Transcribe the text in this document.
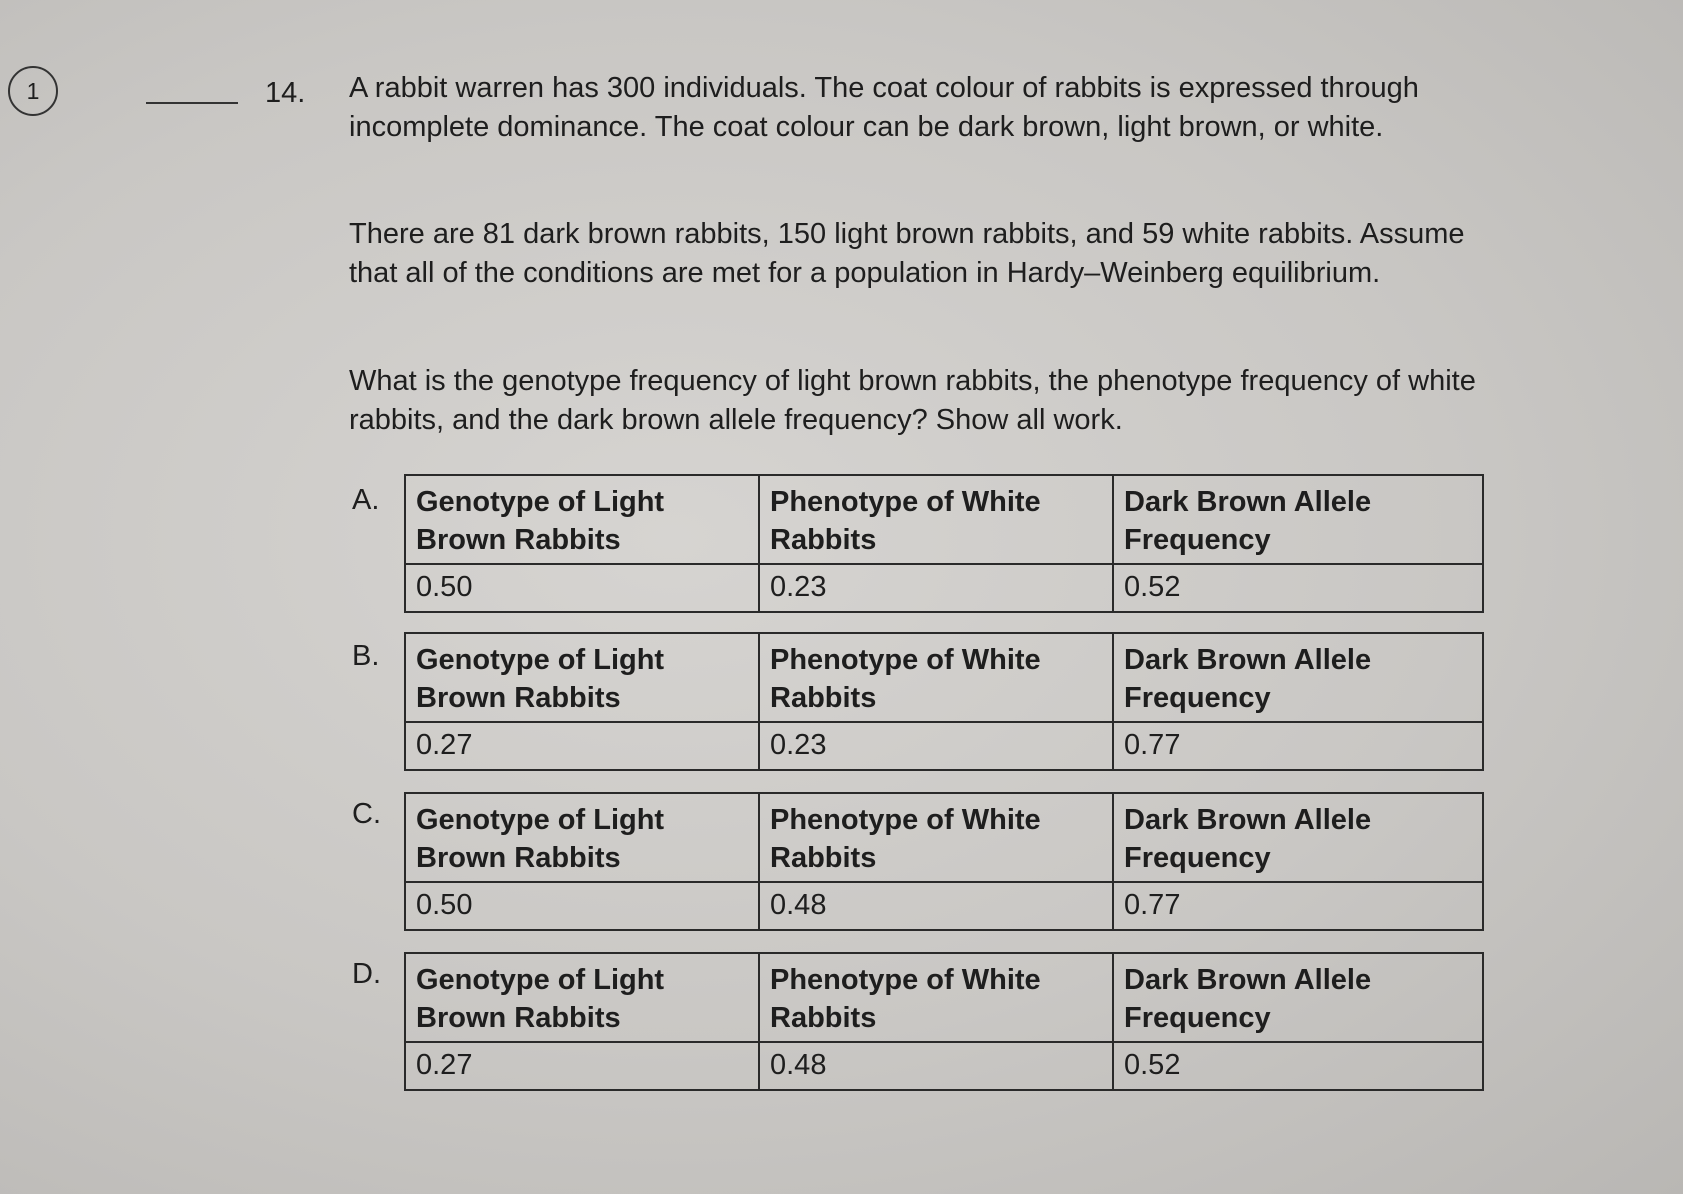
1	14. A rabbit warren has 300 individuals. The coat colour of rabbits is expressed through incomplete dominance. The coat colour can be dark brown, light brown, or white.

There are 81 dark brown rabbits, 150 light brown rabbits, and 59 white rabbits. Assume that all of the conditions are met for a population in Hardy–Weinberg equilibrium.

What is the genotype frequency of light brown rabbits, the phenotype frequency of white rabbits, and the dark brown allele frequency? Show all work.

A. Genotype of Light Brown Rabbits	Phenotype of White Rabbits	Dark Brown Allele Frequency
0.50	0.23	0.52
B. Genotype of Light Brown Rabbits	Phenotype of White Rabbits	Dark Brown Allele Frequency
0.27	0.23	0.77
C. Genotype of Light Brown Rabbits	Phenotype of White Rabbits	Dark Brown Allele Frequency
0.50	0.48	0.77
D. Genotype of Light Brown Rabbits	Phenotype of White Rabbits	Dark Brown Allele Frequency
0.27	0.48	0.52
